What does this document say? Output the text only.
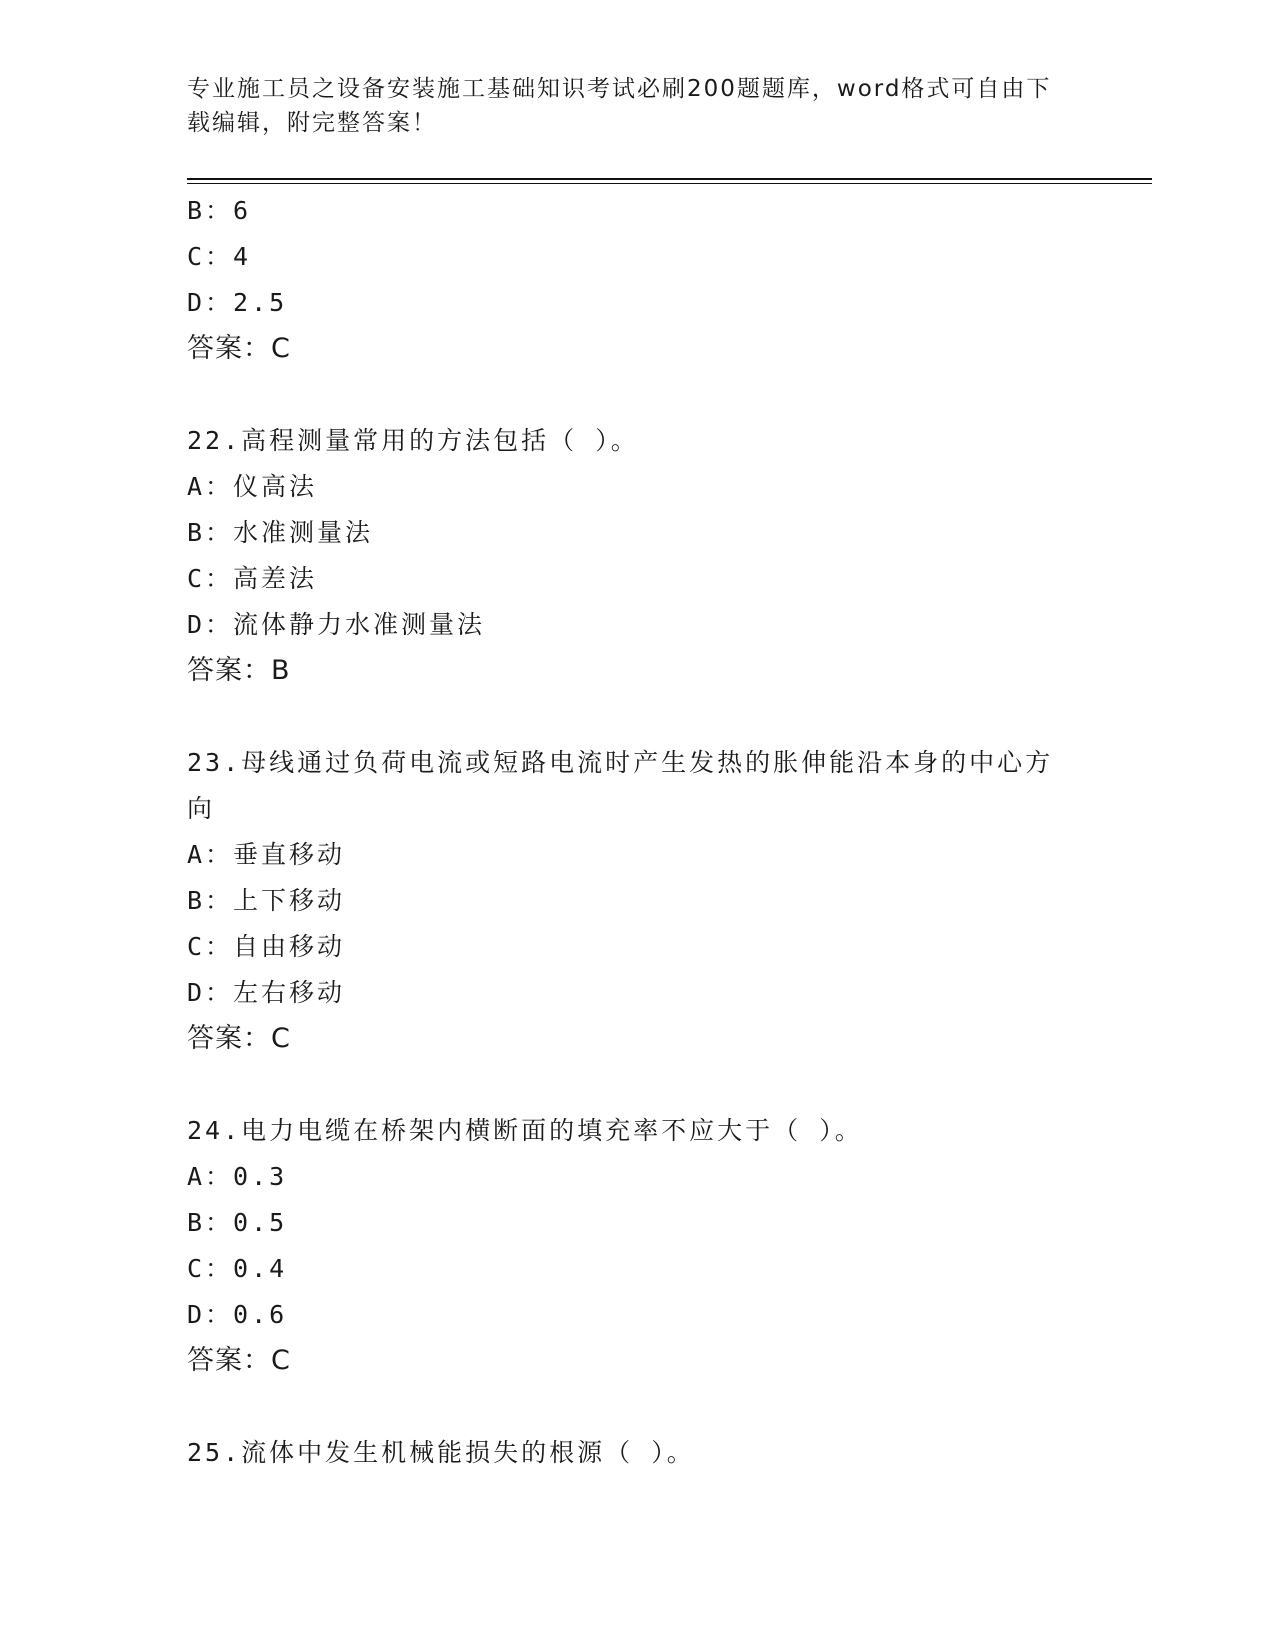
专业施工员之设备安装施工基础知识考试必刷200题题库，word格式可自由下载编辑，附完整答案！
B：6
C：4
D：2.5
答案：C
22.高程测量常用的方法包括（ ）。
A：仪高法
B：水准测量法
C：高差法
D：流体静力水准测量法
答案：B
23.母线通过负荷电流或短路电流时产生发热的胀伸能沿本身的中心方向
A：垂直移动
B：上下移动
C：自由移动
D：左右移动
答案：C
24.电力电缆在桥架内横断面的填充率不应大于（ ）。
A：0.3
B：0.5
C：0.4
D：0.6
答案：C
25.流体中发生机械能损失的根源（ ）。
